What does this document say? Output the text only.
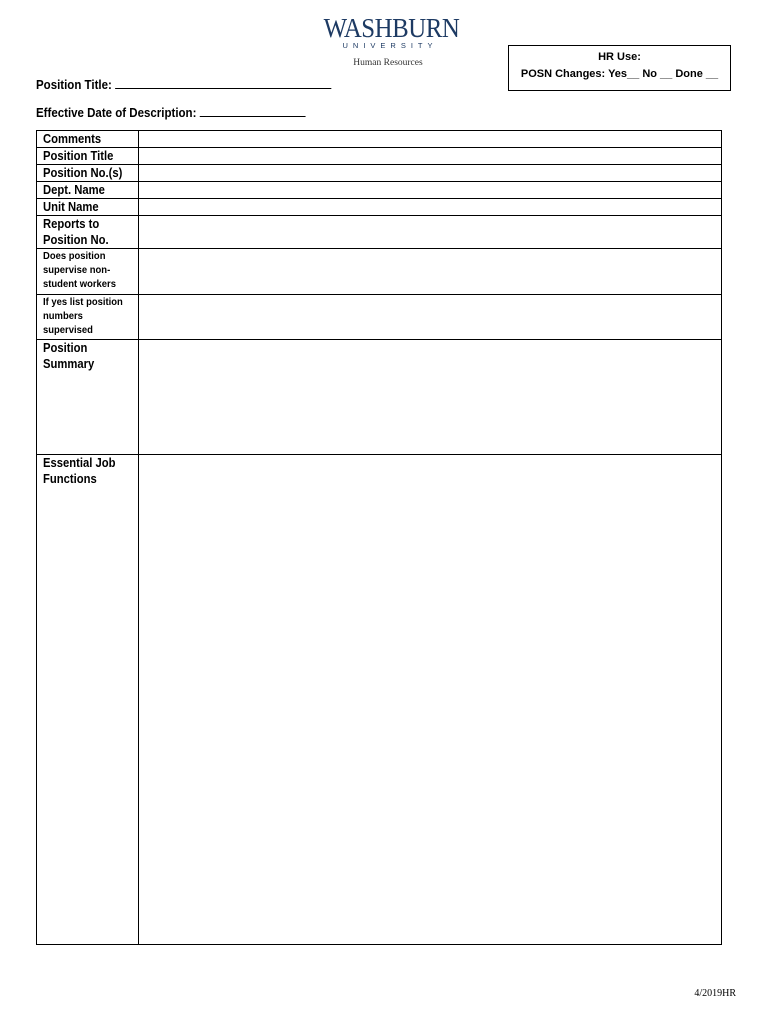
WASHBURN
UNIVERSITY
Human Resources	HR Use:
POSN Changes: Yes__ No __ Done __
Position Title:
Effective Date of Description:
Comments	

Position Title	

Position No.(s)	

Dept. Name	

Unit Name	

Reports to
Position No.	

Does position
supervise non-
student workers	

If yes list position
numbers
supervised	

Position
Summary	

Essential Job
Functions	

4/2019HR
